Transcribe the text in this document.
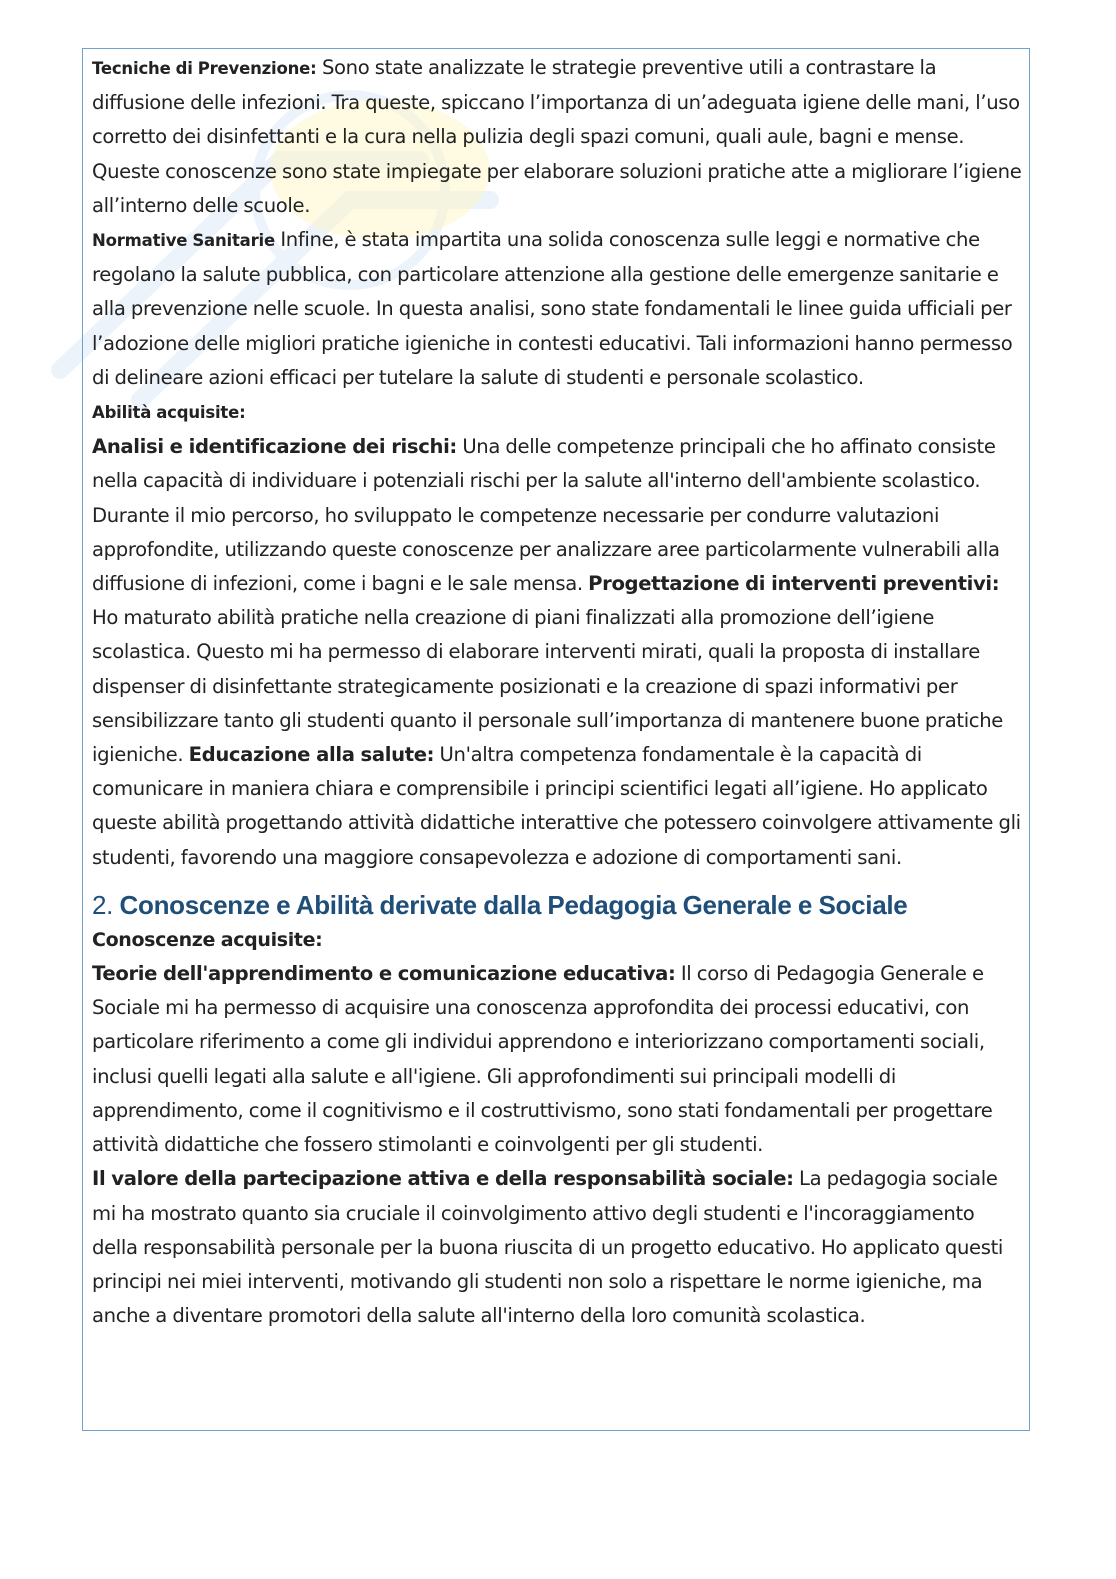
Tecniche di Prevenzione: Sono state analizzate le strategie preventive utili a contrastare la diffusione delle infezioni. Tra queste, spiccano l’importanza di un’adeguata igiene delle mani, l’uso corretto dei disinfettanti e la cura nella pulizia degli spazi comuni, quali aule, bagni e mense. Queste conoscenze sono state impiegate per elaborare soluzioni pratiche atte a migliorare l’igiene all’interno delle scuole.

Normative Sanitarie Infine, è stata impartita una solida conoscenza sulle leggi e normative che regolano la salute pubblica, con particolare attenzione alla gestione delle emergenze sanitarie e alla prevenzione nelle scuole. In questa analisi, sono state fondamentali le linee guida ufficiali per l’adozione delle migliori pratiche igieniche in contesti educativi. Tali informazioni hanno permesso di delineare azioni efficaci per tutelare la salute di studenti e personale scolastico.

Abilità acquisite:

Analisi e identificazione dei rischi: Una delle competenze principali che ho affinato consiste nella capacità di individuare i potenziali rischi per la salute all'interno dell'ambiente scolastico. Durante il mio percorso, ho sviluppato le competenze necessarie per condurre valutazioni approfondite, utilizzando queste conoscenze per analizzare aree particolarmente vulnerabili alla diffusione di infezioni, come i bagni e le sale mensa. Progettazione di interventi preventivi: Ho maturato abilità pratiche nella creazione di piani finalizzati alla promozione dell’igiene scolastica. Questo mi ha permesso di elaborare interventi mirati, quali la proposta di installare dispenser di disinfettante strategicamente posizionati e la creazione di spazi informativi per sensibilizzare tanto gli studenti quanto il personale sull’importanza di mantenere buone pratiche igieniche. Educazione alla salute: Un'altra competenza fondamentale è la capacità di comunicare in maniera chiara e comprensibile i principi scientifici legati all’igiene. Ho applicato queste abilità progettando attività didattiche interattive che potessero coinvolgere attivamente gli studenti, favorendo una maggiore consapevolezza e adozione di comportamenti sani.

2. Conoscenze e Abilità derivate dalla Pedagogia Generale e Sociale

Conoscenze acquisite:

Teorie dell'apprendimento e comunicazione educativa: Il corso di Pedagogia Generale e Sociale mi ha permesso di acquisire una conoscenza approfondita dei processi educativi, con particolare riferimento a come gli individui apprendono e interiorizzano comportamenti sociali, inclusi quelli legati alla salute e all'igiene. Gli approfondimenti sui principali modelli di apprendimento, come il cognitivismo e il costruttivismo, sono stati fondamentali per progettare attività didattiche che fossero stimolanti e coinvolgenti per gli studenti.

Il valore della partecipazione attiva e della responsabilità sociale: La pedagogia sociale mi ha mostrato quanto sia cruciale il coinvolgimento attivo degli studenti e l'incoraggiamento della responsabilità personale per la buona riuscita di un progetto educativo. Ho applicato questi principi nei miei interventi, motivando gli studenti non solo a rispettare le norme igieniche, ma anche a diventare promotori della salute all'interno della loro comunità scolastica.
